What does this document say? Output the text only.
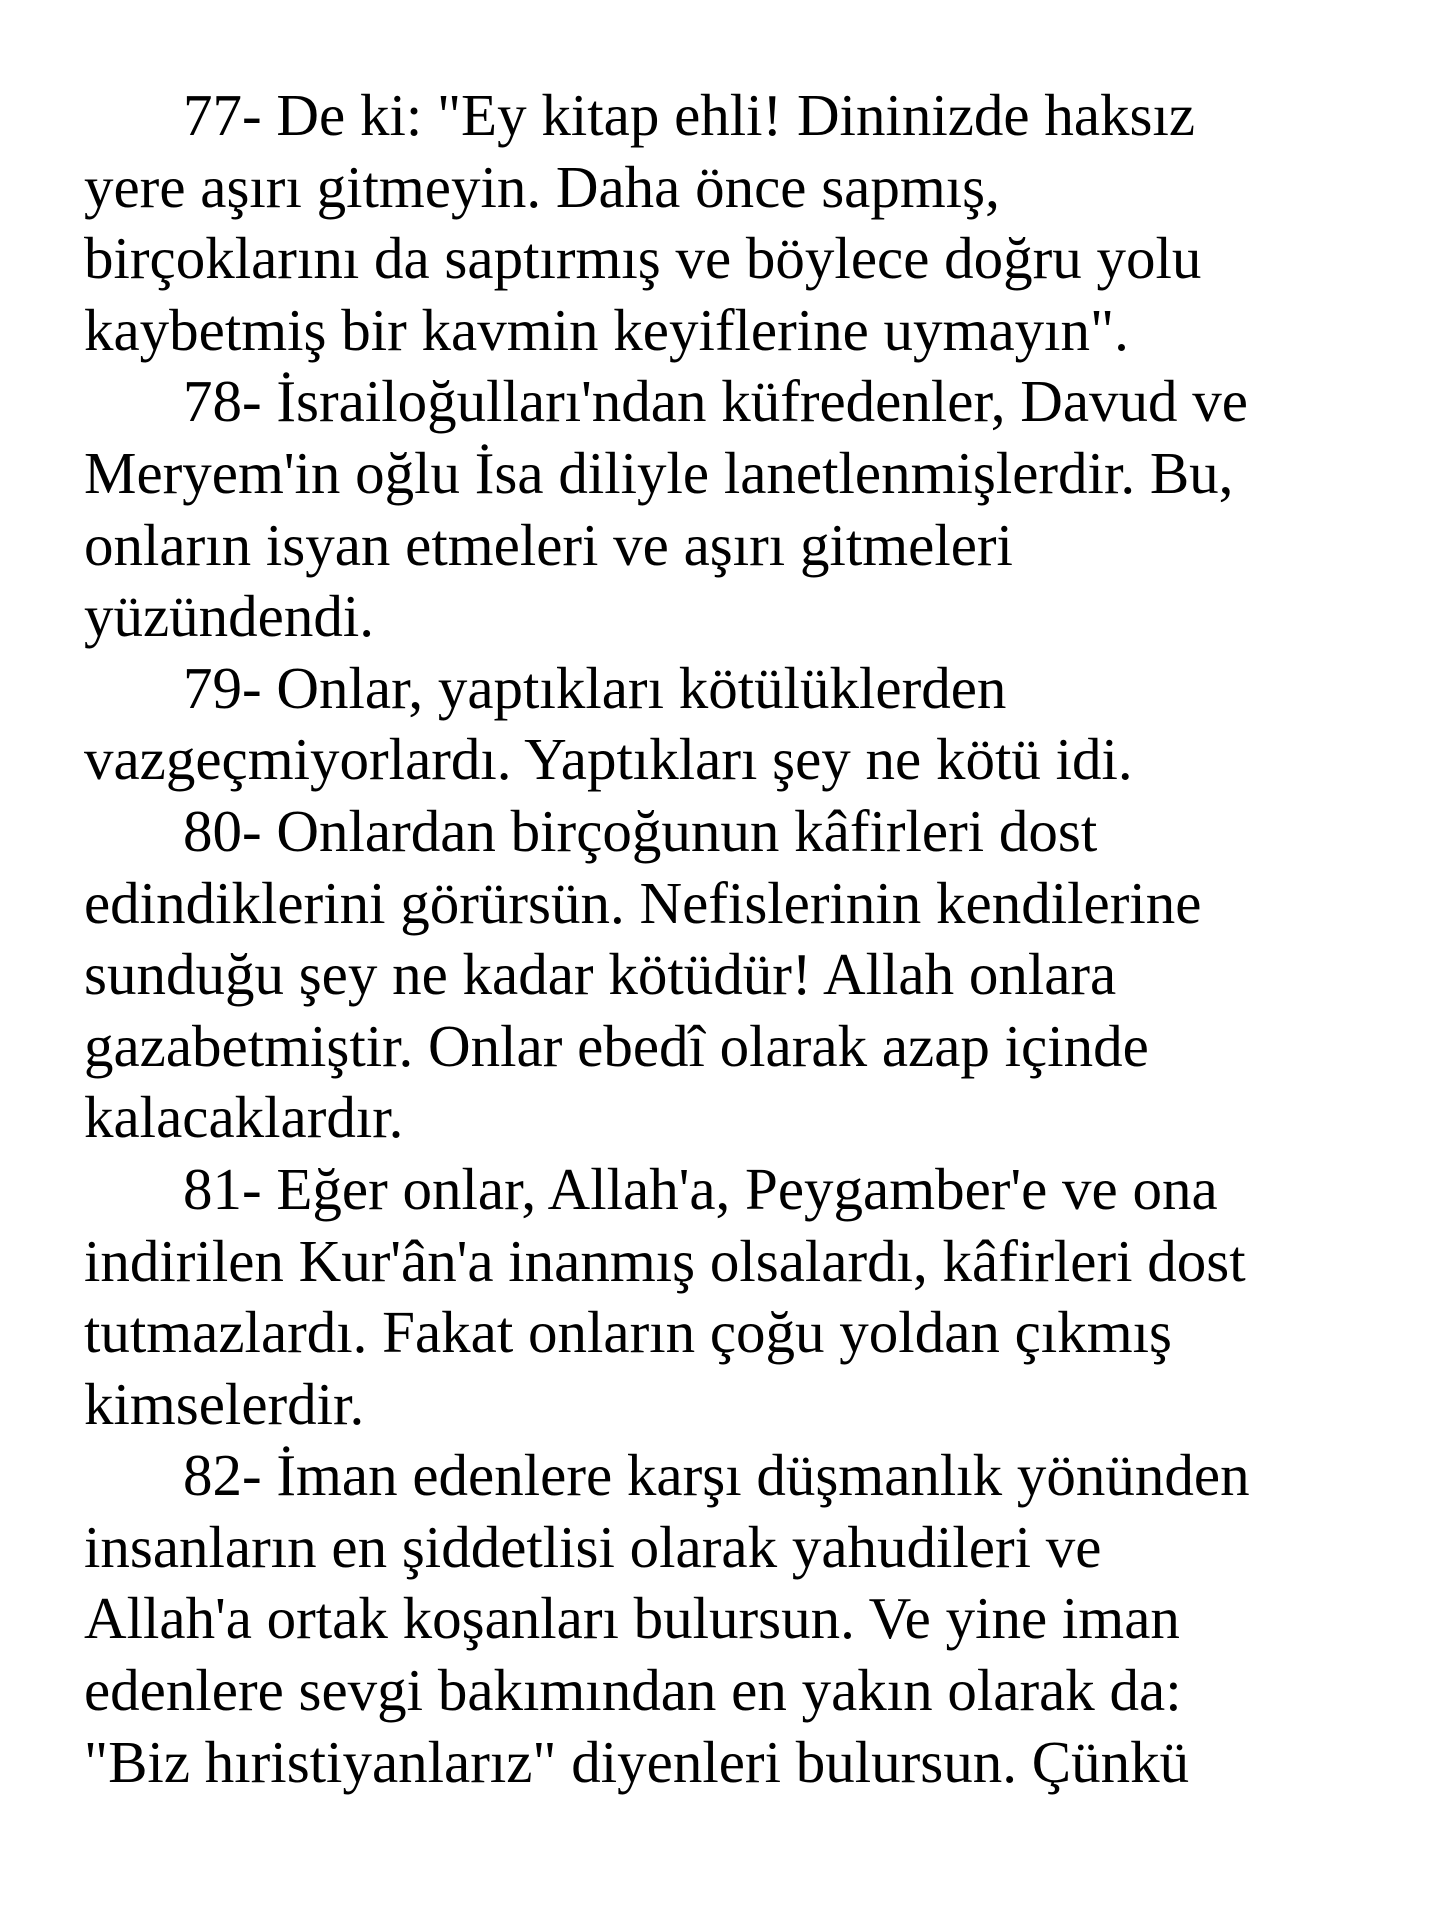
77- De ki: "Ey kitap ehli! Dininizde haksız
yere aşırı gitmeyin. Daha önce sapmış,
birçoklarını da saptırmış ve böylece doğru yolu
kaybetmiş bir kavmin keyiflerine uymayın".
78- İsrailoğulları'ndan küfredenler, Davud ve
Meryem'in oğlu İsa diliyle lanetlenmişlerdir. Bu,
onların isyan etmeleri ve aşırı gitmeleri
yüzündendi.
79- Onlar, yaptıkları kötülüklerden
vazgeçmiyorlardı. Yaptıkları şey ne kötü idi.
80- Onlardan birçoğunun kâfirleri dost
edindiklerini görürsün. Nefislerinin kendilerine
sunduğu şey ne kadar kötüdür! Allah onlara
gazabetmiştir. Onlar ebedî olarak azap içinde
kalacaklardır.
81- Eğer onlar, Allah'a, Peygamber'e ve ona
indirilen Kur'ân'a inanmış olsalardı, kâfirleri dost
tutmazlardı. Fakat onların çoğu yoldan çıkmış
kimselerdir.
82- İman edenlere karşı düşmanlık yönünden
insanların en şiddetlisi olarak yahudileri ve
Allah'a ortak koşanları bulursun. Ve yine iman
edenlere sevgi bakımından en yakın olarak da:
"Biz hıristiyanlarız" diyenleri bulursun. Çünkü
